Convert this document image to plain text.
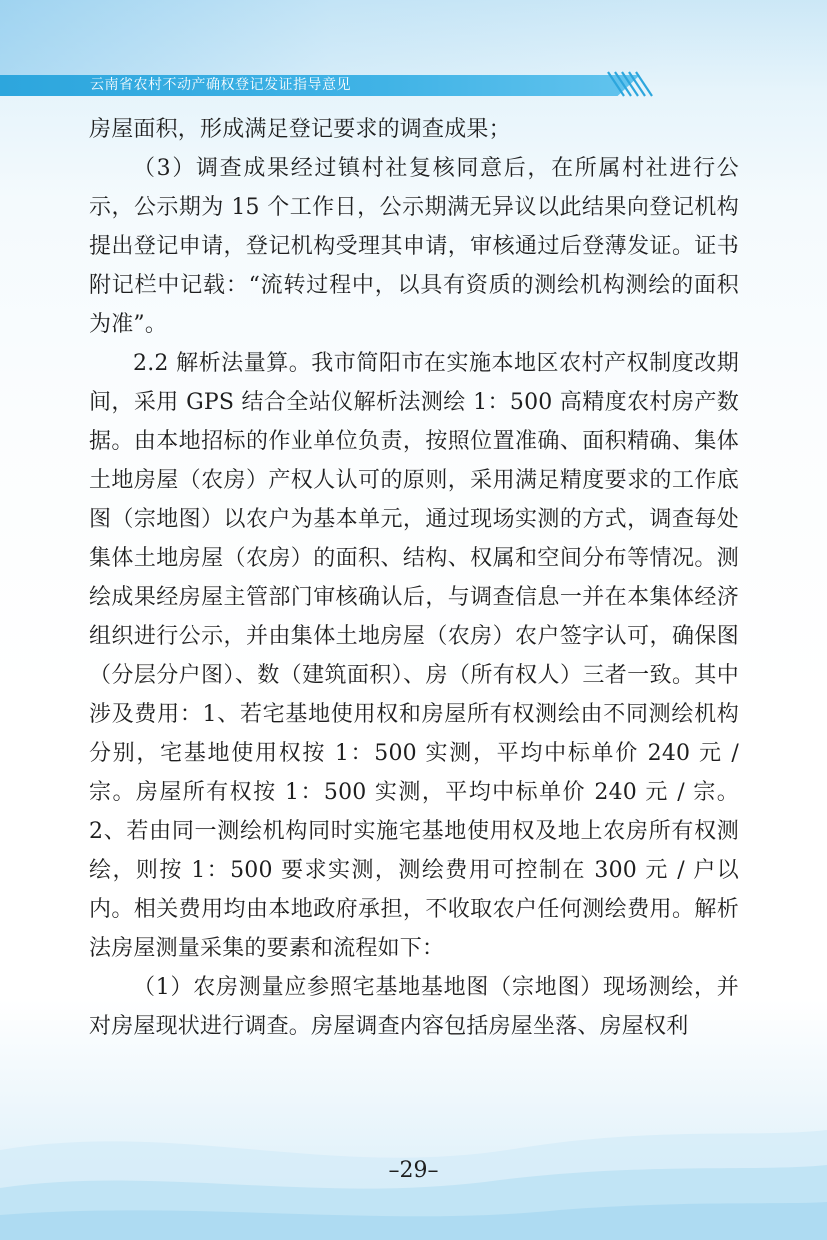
云南省农村不动产确权登记发证指导意见

房屋面积，形成满足登记要求的调查成果；

（3）调查成果经过镇村社复核同意后，在所属村社进行公示，公示期为 15 个工作日，公示期满无异议以此结果向登记机构提出登记申请，登记机构受理其申请，审核通过后登薄发证。证书附记栏中记载：“流转过程中，以具有资质的测绘机构测绘的面积为准”。

2.2 解析法量算。我市简阳市在实施本地区农村产权制度改期间，采用 GPS 结合全站仪解析法测绘 1：500 高精度农村房产数据。由本地招标的作业单位负责，按照位置准确、面积精确、集体土地房屋（农房）产权人认可的原则，采用满足精度要求的工作底图（宗地图）以农户为基本单元，通过现场实测的方式，调查每处集体土地房屋（农房）的面积、结构、权属和空间分布等情况。测绘成果经房屋主管部门审核确认后，与调查信息一并在本集体经济组织进行公示，并由集体土地房屋（农房）农户签字认可，确保图（分层分户图）、数（建筑面积）、房（所有权人）三者一致。其中涉及费用：1、若宅基地使用权和房屋所有权测绘由不同测绘机构分别，宅基地使用权按 1：500 实测，平均中标单价 240 元 / 宗。房屋所有权按 1：500 实测，平均中标单价 240 元 / 宗。2、若由同一测绘机构同时实施宅基地使用权及地上农房所有权测绘，则按 1：500 要求实测，测绘费用可控制在 300 元 / 户以内。相关费用均由本地政府承担，不收取农户任何测绘费用。解析法房屋测量采集的要素和流程如下：

（1）农房测量应参照宅基地基地图（宗地图）现场测绘，并对房屋现状进行调查。房屋调查内容包括房屋坐落、房屋权利

–29–
